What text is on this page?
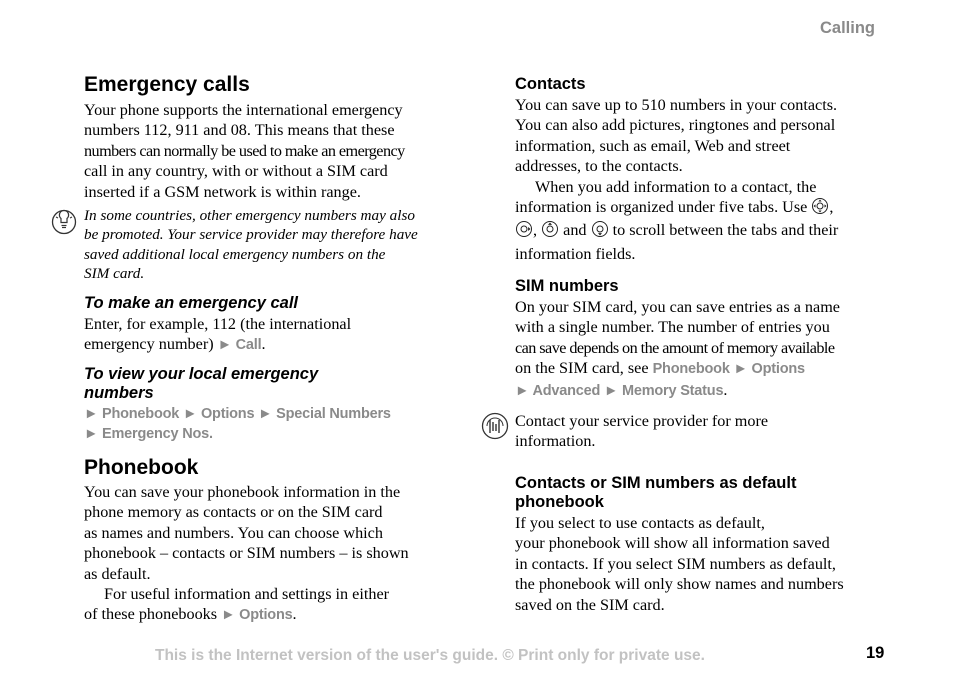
Calling
Emergency calls

Your phone supports the international emergency

numbers 112, 911 and 08. This means that these

numbers can normally be used to make an emergency

call in any country, with or without a SIM card

inserted if a GSM network is within range.

In some countries, other emergency numbers may also

be promoted. Your service provider may therefore have

saved additional local emergency numbers on the

SIM card.

To make an emergency call

Enter, for example, 112 (the international

emergency number) ► Call.

To view your local emergency
numbers
► Phonebook ► Options ► Special Numbers
► Emergency Nos.
Phonebook

You can save your phonebook information in the

phone memory as contacts or on the SIM card

as names and numbers. You can choose which

phonebook – contacts or SIM numbers – is shown

as default.

For useful information and settings in either

of these phonebooks ► Options.

Contacts

You can save up to 510 numbers in your contacts.

You can also add pictures, ringtones and personal

information, such as email, Web and street

addresses, to the contacts.

When you add information to a contact, the

information is organized under five tabs. Use ,

,  and to scroll between the tabs and their

information fields.

SIM numbers

On your SIM card, you can save entries as a name

with a single number. The number of entries you

can save depends on the amount of memory available

on the SIM card, see Phonebook ► Options

► Advanced ► Memory Status.

Contact your service provider for more

information.

Contacts or SIM numbers as default
phonebook

If you select to use contacts as default,

your phonebook will show all information saved

in contacts. If you select SIM numbers as default,

the phonebook will only show names and numbers

saved on the SIM card.

This is the Internet version of the user's guide. © Print only for private use.	19
